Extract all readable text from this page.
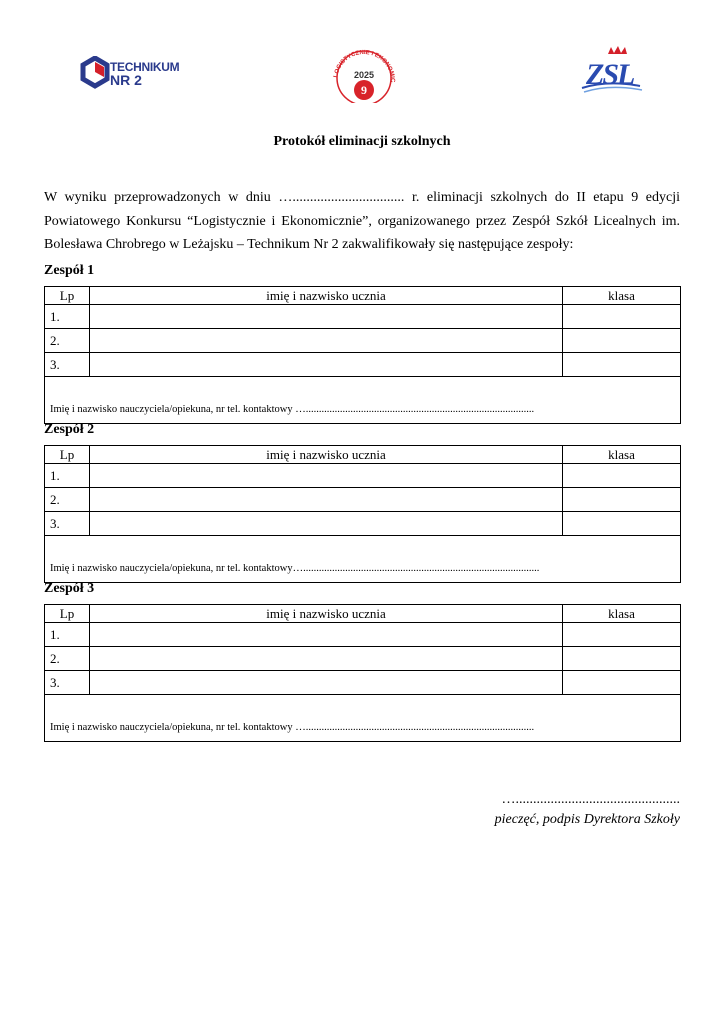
TECHNIKUM
NR 2	LOGISTYCZNIE I EKONOMIC
2025
9	ZSL
Protokół eliminacji szkolnych

W wyniku przeprowadzonych w dniu …................................ r. eliminacji szkolnych do II etapu 9 edycji Powiatowego Konkursu “Logistycznie i Ekonomicznie”, organizowanego przez Zespół Szkół Licealnych im. Bolesława Chrobrego w Leżajsku – Technikum Nr 2 zakwalifikowały się następujące zespoły:

Zespół 1
Lp	imię i nazwisko ucznia	klasa
1.		
2.		
3.		
Imię i nazwisko nauczyciela/opiekuna, nr tel. kontaktowy ….......................................................................................		
Zespół 2
Lp	imię i nazwisko ucznia	klasa
1.		
2.		
3.		
Imię i nazwisko nauczyciela/opiekuna, nr tel. kontaktowy…..........................................................................................		
Zespół 3
Lp	imię i nazwisko ucznia	klasa
1.		
2.		
3.		
Imię i nazwisko nauczyciela/opiekuna, nr tel. kontaktowy ….......................................................................................		
…...............................................
pieczęć, podpis Dyrektora Szkoły
